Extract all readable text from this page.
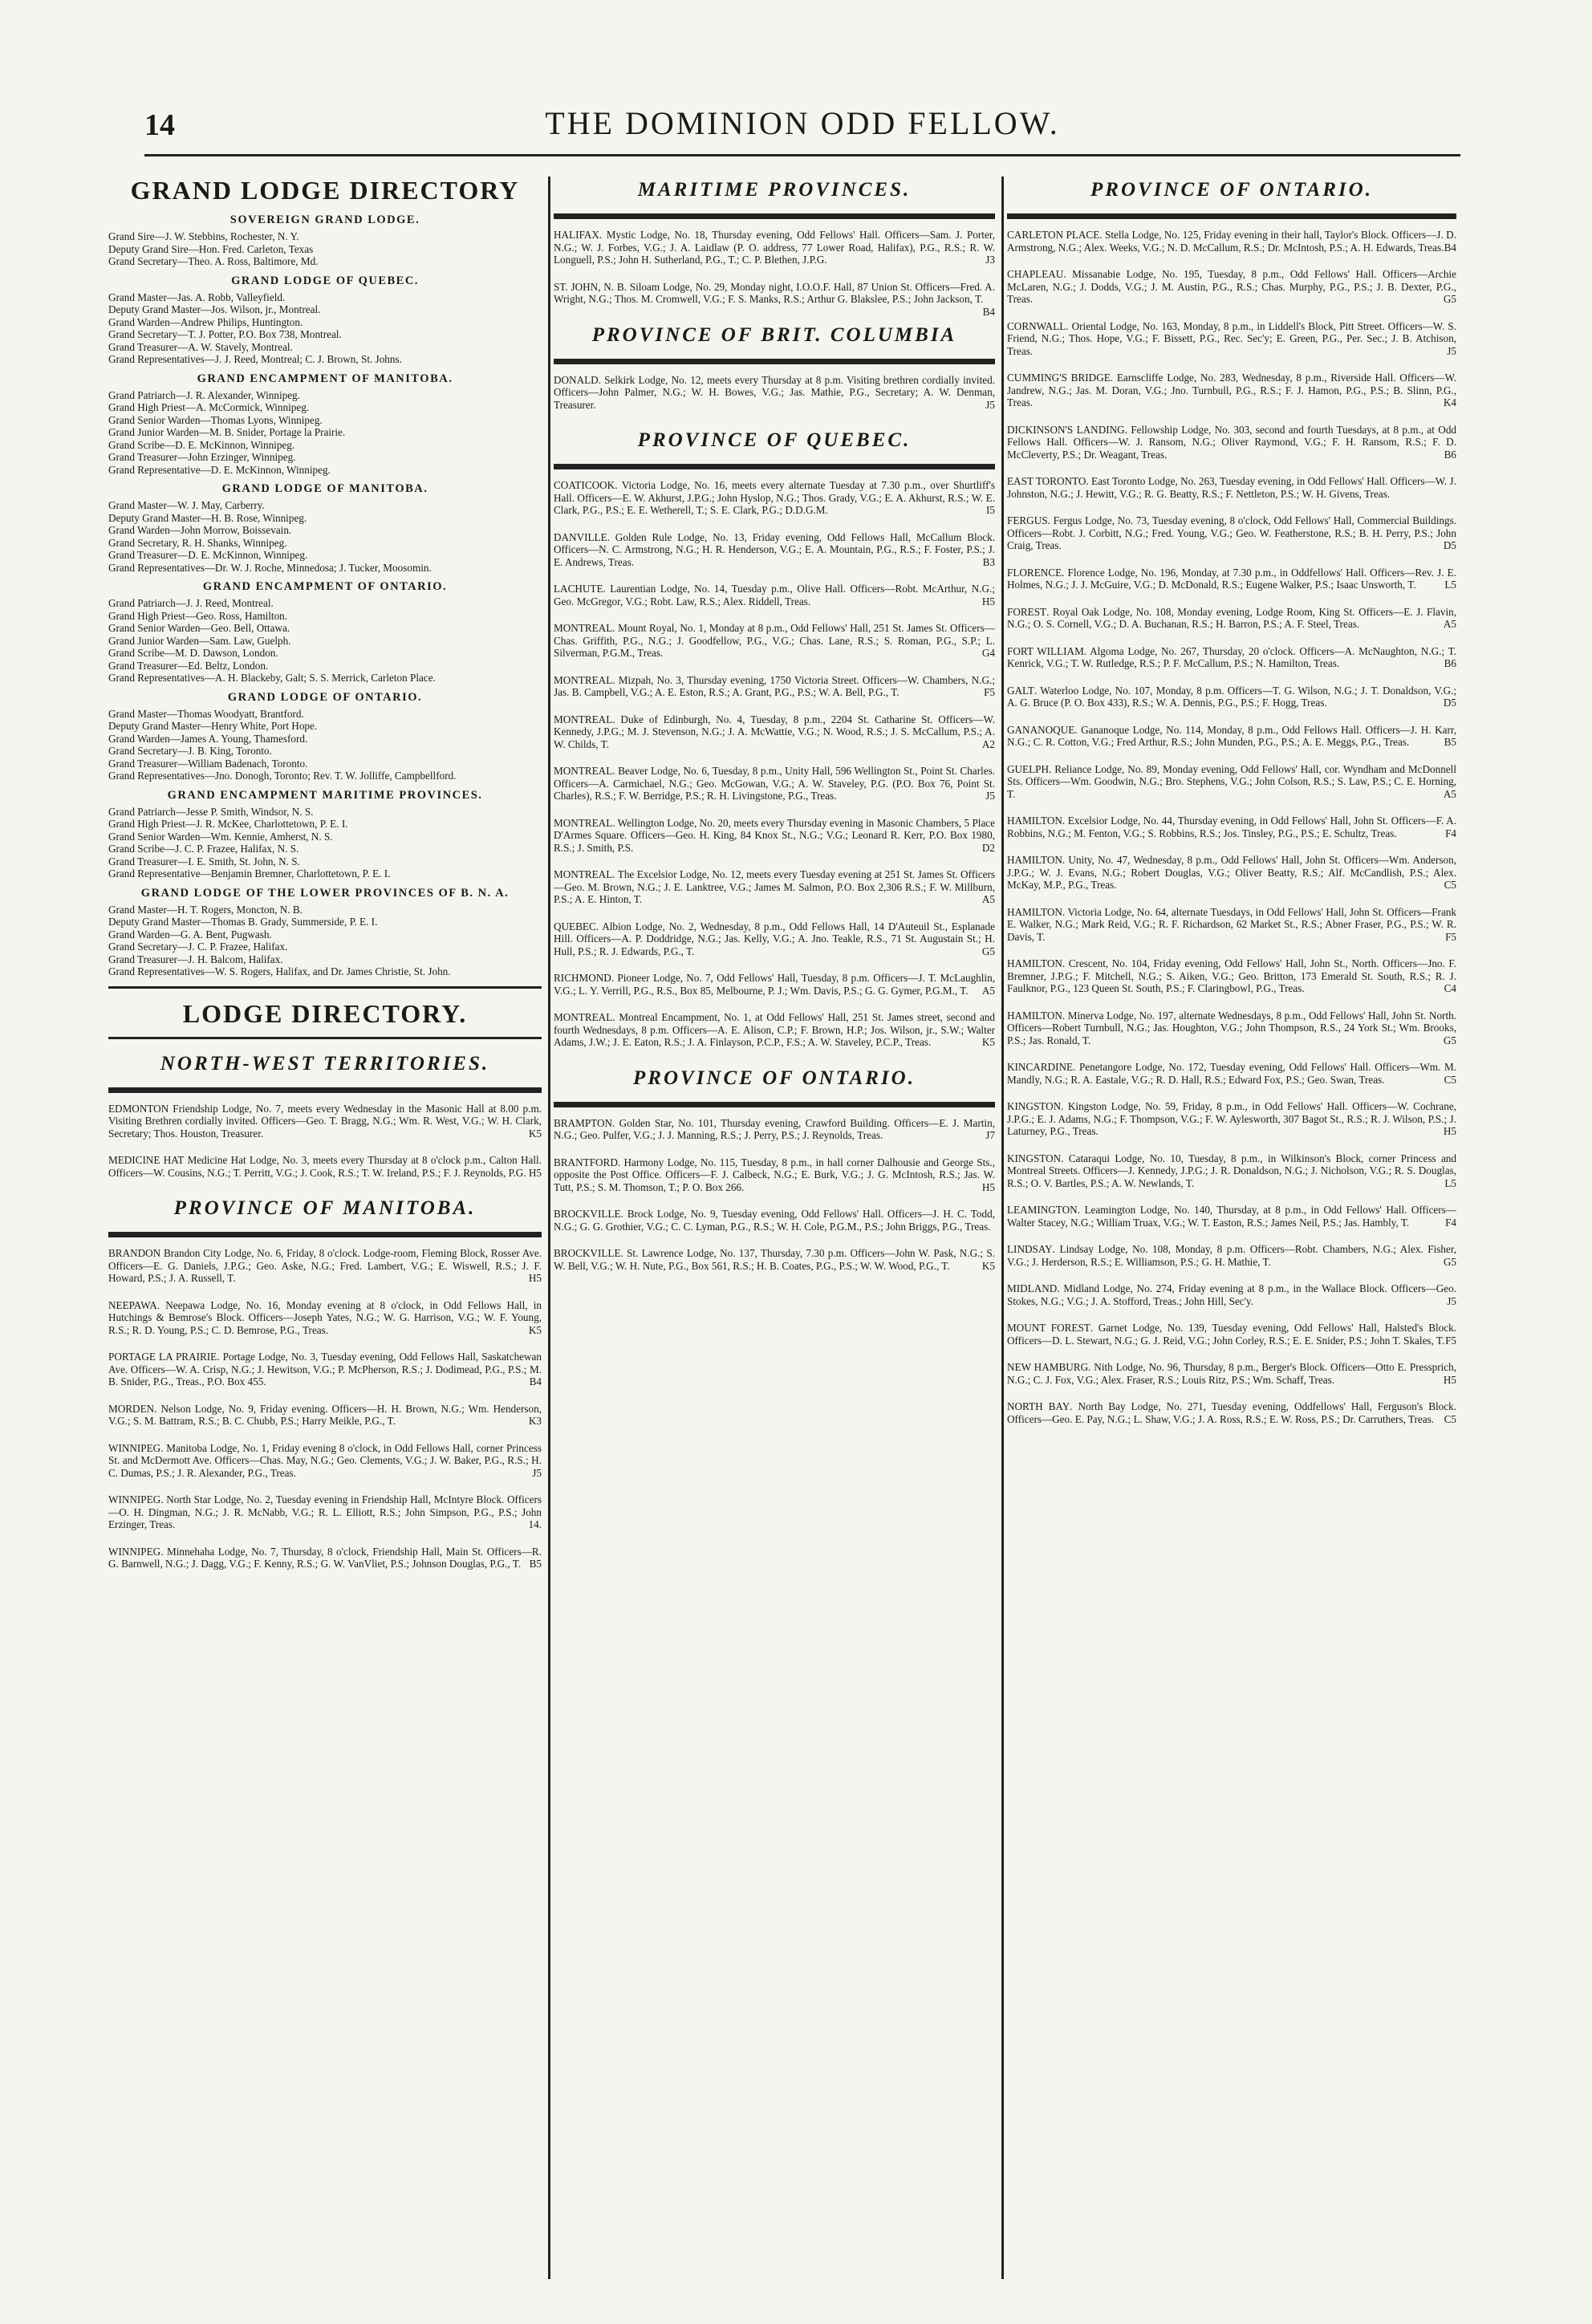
14	THE DOMINION ODD FELLOW.
GRAND LODGE DIRECTORY
SOVEREIGN GRAND LODGE.
Grand Sire—J. W. Stebbins, Rochester, N. Y.
Deputy Grand Sire—Hon. Fred. Carleton, Texas
Grand Secretary—Theo. A. Ross, Baltimore, Md.
GRAND LODGE OF QUEBEC.
Grand Master—Jas. A. Robb, Valleyfield.
Deputy Grand Master—Jos. Wilson, jr., Montreal.
Grand Warden—Andrew Philips, Huntington.
Grand Secretary—T. J. Potter, P.O. Box 738, Montreal.
Grand Treasurer—A. W. Stavely, Montreal.
Grand Representatives—J. J. Reed, Montreal; C. J. Brown, St. Johns.
GRAND ENCAMPMENT OF MANITOBA.
Grand Patriarch—J. R. Alexander, Winnipeg.
Grand High Priest—A. McCormick, Winnipeg.
Grand Senior Warden—Thomas Lyons, Winnipeg.
Grand Junior Warden—M. B. Snider, Portage la Prairie.
Grand Scribe—D. E. McKinnon, Winnipeg.
Grand Treasurer—John Erzinger, Winnipeg.
Grand Representative—D. E. McKinnon, Winnipeg.
GRAND LODGE OF MANITOBA.
Grand Master—W. J. May, Carberry.
Deputy Grand Master—H. B. Rose, Winnipeg.
Grand Warden—John Morrow, Boissevain.
Grand Secretary, R. H. Shanks, Winnipeg.
Grand Treasurer—D. E. McKinnon, Winnipeg.
Grand Representatives—Dr. W. J. Roche, Minnedosa; J. Tucker, Moosomin.
GRAND ENCAMPMENT OF ONTARIO.
Grand Patriarch—J. J. Reed, Montreal.
Grand High Priest—Geo. Ross, Hamilton.
Grand Senior Warden—Geo. Bell, Ottawa.
Grand Junior Warden—Sam. Law, Guelph.
Grand Scribe—M. D. Dawson, London.
Grand Treasurer—Ed. Beltz, London.
Grand Representatives—A. H. Blackeby, Galt; S. S. Merrick, Carleton Place.
GRAND LODGE OF ONTARIO.
Grand Master—Thomas Woodyatt, Brantford.
Deputy Grand Master—Henry White, Port Hope.
Grand Warden—James A. Young, Thamesford.
Grand Secretary—J. B. King, Toronto.
Grand Treasurer—William Badenach, Toronto.
Grand Representatives—Jno. Donogh, Toronto; Rev. T. W. Jolliffe, Campbellford.
GRAND ENCAMPMENT MARITIME PROVINCES.
Grand Patriarch—Jesse P. Smith, Windsor, N. S.
Grand High Priest—J. R. McKee, Charlottetown, P. E. I.
Grand Senior Warden—Wm. Kennie, Amherst, N. S.
Grand Scribe—J. C. P. Frazee, Halifax, N. S.
Grand Treasurer—I. E. Smith, St. John, N. S.
Grand Representative—Benjamin Bremner, Charlottetown, P. E. I.
GRAND LODGE OF THE LOWER PROVINCES OF B. N. A.
Grand Master—H. T. Rogers, Moncton, N. B.
Deputy Grand Master—Thomas B. Grady, Summerside, P. E. I.
Grand Warden—G. A. Bent, Pugwash.
Grand Secretary—J. C. P. Frazee, Halifax.
Grand Treasurer—J. H. Balcom, Halifax.
Grand Representatives—W. S. Rogers, Halifax, and Dr. James Christie, St. John.
LODGE DIRECTORY.
NORTH-WEST TERRITORIES.
EDMONTON Friendship Lodge, No. 7, meets every Wednesday in the Masonic Hall at 8.00 p.m. Visiting Brethren cordially invited. Officers—Geo. T. Bragg, N.G.; Wm. R. West, V.G.; W. H. Clark, Secretary; Thos. Houston, Treasurer.	K5
MEDICINE HAT Medicine Hat Lodge, No. 3, meets every Thursday at 8 o'clock p.m., Calton Hall. Officers—W. Cousins, N.G.; T. Perritt, V.G.; J. Cook, R.S.; T. W. Ireland, P.S.; F. J. Reynolds, P.G. H5
PROVINCE OF MANITOBA.
BRANDON Brandon City Lodge, No. 6, Friday, 8 o'clock. Lodge-room, Fleming Block, Rosser Ave. Officers—E. G. Daniels, J.P.G.; Geo. Aske, N.G.; Fred. Lambert, V.G.; E. Wiswell, R.S.; J. F. Howard, P.S.; J. A. Russell, T.	H5
NEEPAWA. Neepawa Lodge, No. 16, Monday evening at 8 o'clock, in Odd Fellows Hall, in Hutchings & Bemrose's Block. Officers—Joseph Yates, N.G.; W. G. Harrison, V.G.; W. F. Young, R.S.; R. D. Young, P.S.; C. D. Bemrose, P.G., Treas.	K5
PORTAGE LA PRAIRIE. Portage Lodge, No. 3, Tuesday evening, Odd Fellows Hall, Saskatchewan Ave. Officers—W. A. Crisp, N.G.; J. Hewitson, V.G.; P. McPherson, R.S.; J. Dodimead, P.G., P.S.; M. B. Snider, P.G., Treas., P.O. Box 455.	B4
MORDEN. Nelson Lodge, No. 9, Friday evening. Officers—H. H. Brown, N.G.; Wm. Henderson, V.G.; S. M. Battram, R.S.; B. C. Chubb, P.S.; Harry Meikle, P.G., T.	K3
WINNIPEG. Manitoba Lodge, No. 1, Friday evening 8 o'clock, in Odd Fellows Hall, corner Princess St. and McDermott Ave. Officers—Chas. May, N.G.; Geo. Clements, V.G.; J. W. Baker, P.G., R.S.; H. C. Dumas, P.S.; J. R. Alexander, P.G., Treas.	J5
WINNIPEG. North Star Lodge, No. 2, Tuesday evening in Friendship Hall, McIntyre Block. Officers—O. H. Dingman, N.G.; J. R. McNabb, V.G.; R. L. Elliott, R.S.; John Simpson, P.G., P.S.; John Erzinger, Treas.	14.
WINNIPEG. Minnehaha Lodge, No. 7, Thursday, 8 o'clock, Friendship Hall, Main St. Officers—R. G. Barnwell, N.G.; J. Dagg, V.G.; F. Kenny, R.S.; G. W. VanVliet, P.S.; Johnson Douglas, P.G., T. B5
MARITIME PROVINCES.
HALIFAX. Mystic Lodge, No. 18, Thursday evening, Odd Fellows' Hall. Officers—Sam. J. Porter, N.G.; W. J. Forbes, V.G.; J. A. Laidlaw (P. O. address, 77 Lower Road, Halifax), P.G., R.S.; R. W. Longuell, P.S.; John H. Sutherland, P.G., T.; C. P. Blethen, J.P.G.	J3
ST. JOHN, N. B. Siloam Lodge, No. 29, Monday night, I.O.O.F. Hall, 87 Union St. Officers—Fred. A. Wright, N.G.; Thos. M. Cromwell, V.G.; F. S. Manks, R.S.; Arthur G. Blakslee, P.S.; John Jackson, T.
B4
PROVINCE OF BRIT. COLUMBIA
DONALD. Selkirk Lodge, No. 12, meets every Thursday at 8 p.m. Visiting brethren cordially invited. Officers—John Palmer, N.G.; W. H. Bowes, V.G.; Jas. Mathie, P.G., Secretary; A. W. Denman, Treasurer.	J5
PROVINCE OF QUEBEC.
COATICOOK. Victoria Lodge, No. 16, meets every alternate Tuesday at 7.30 p.m., over Shurtliff's Hall. Officers—E. W. Akhurst, J.P.G.; John Hyslop, N.G.; Thos. Grady, V.G.; E. A. Akhurst, R.S.; W. E. Clark, P.G., P.S.; E. E. Wetherell, T.; S. E. Clark, P.G.; D.D.G.M.	I5
DANVILLE. Golden Rule Lodge, No. 13, Friday evening, Odd Fellows Hall, McCallum Block. Officers—N. C. Armstrong, N.G.; H. R. Henderson, V.G.; E. A. Mountain, P.G., R.S.; F. Foster, P.S.; J. E. Andrews, Treas.	B3
LACHUTE. Laurentian Lodge, No. 14, Tuesday p.m., Olive Hall. Officers—Robt. McArthur, N.G.; Geo. McGregor, V.G.; Robt. Law, R.S.; Alex. Riddell, Treas.	H5
MONTREAL. Mount Royal, No. 1, Monday at 8 p.m., Odd Fellows' Hall, 251 St. James St. Officers—Chas. Griffith, P.G., N.G.; J. Goodfellow, P.G., V.G.; Chas. Lane, R.S.; S. Roman, P.G., S.P.; L. Silverman, P.G.M., Treas.	G4
MONTREAL. Mizpah, No. 3, Thursday evening, 1750 Victoria Street. Officers—W. Chambers, N.G.; Jas. B. Campbell, V.G.; A. E. Eston, R.S.; A. Grant, P.G., P.S.; W. A. Bell, P.G., T.	F5
MONTREAL. Duke of Edinburgh, No. 4, Tuesday, 8 p.m., 2204 St. Catharine St. Officers—W. Kennedy, J.P.G.; M. J. Stevenson, N.G.; J. A. McWattie, V.G.; N. Wood, R.S.; J. S. McCallum, P.S.; A. W. Childs, T.	A2
MONTREAL. Beaver Lodge, No. 6, Tuesday, 8 p.m., Unity Hall, 596 Wellington St., Point St. Charles. Officers—A. Carmichael, N.G.; Geo. McGowan, V.G.; A. W. Staveley, P.G. (P.O. Box 76, Point St. Charles), R.S.; F. W. Berridge, P.S.; R. H. Livingstone, P.G., Treas.	J5
MONTREAL. Wellington Lodge, No. 20, meets every Thursday evening in Masonic Chambers, 5 Place D'Armes Square. Officers—Geo. H. King, 84 Knox St., N.G.; V.G.; Leonard R. Kerr, P.O. Box 1980, R.S.; J. Smith, P.S.	D2
MONTREAL. The Excelsior Lodge, No. 12, meets every Tuesday evening at 251 St. James St. Officers—Geo. M. Brown, N.G.; J. E. Lanktree, V.G.; James M. Salmon, P.O. Box 2,306 R.S.; F. W. Millburn, P.S.; A. E. Hinton, T.	A5
QUEBEC. Albion Lodge, No. 2, Wednesday, 8 p.m., Odd Fellows Hall, 14 D'Auteuil St., Esplanade Hill. Officers—A. P. Doddridge, N.G.; Jas. Kelly, V.G.; A. Jno. Teakle, R.S., 71 St. Augustain St.; H. Hull, P.S.; R. J. Edwards, P.G., T.	G5
RICHMOND. Pioneer Lodge, No. 7, Odd Fellows' Hall, Tuesday, 8 p.m. Officers—J. T. McLaughlin, V.G.; L. Y. Verrill, P.G., R.S., Box 85, Melbourne, P. J.; Wm. Davis, P.S.; G. G. Gymer, P.G.M., T. A5
MONTREAL. Montreal Encampment, No. 1, at Odd Fellows' Hall, 251 St. James street, second and fourth Wednesdays, 8 p.m. Officers—A. E. Alison, C.P.; F. Brown, H.P.; Jos. Wilson, jr., S.W.; Walter Adams, J.W.; J. E. Eaton, R.S.; J. A. Finlayson, P.C.P., F.S.; A. W. Staveley, P.C.P., Treas.	K5
PROVINCE OF ONTARIO.
BRAMPTON. Golden Star, No. 101, Thursday evening, Crawford Building. Officers—E. J. Martin, N.G.; Geo. Pulfer, V.G.; J. J. Manning, R.S.; J. Perry, P.S.; J. Reynolds, Treas.	J7
BRANTFORD. Harmony Lodge, No. 115, Tuesday, 8 p.m., in hall corner Dalhousie and George Sts., opposite the Post Office. Officers—F. J. Calbeck, N.G.; E. Burk, V.G.; J. G. McIntosh, R.S.; Jas. W. Tutt, P.S.; S. M. Thomson, T.; P. O. Box 266.	H5
BROCKVILLE. Brock Lodge, No. 9, Tuesday evening, Odd Fellows' Hall. Officers—J. H. C. Todd, N.G.; G. G. Grothier, V.G.; C. C. Lyman, P.G., R.S.; W. H. Cole, P.G.M., P.S.; John Briggs, P.G., Treas.
BROCKVILLE. St. Lawrence Lodge, No. 137, Thursday, 7.30 p.m. Officers—John W. Pask, N.G.; S. W. Bell, V.G.; W. H. Nute, P.G., Box 561, R.S.; H. B. Coates, P.G., P.S.; W. W. Wood, P.G., T.	K5
PROVINCE OF ONTARIO.
CARLETON PLACE. Stella Lodge, No. 125, Friday evening in their hall, Taylor's Block. Officers—J. D. Armstrong, N.G.; Alex. Weeks, V.G.; N. D. McCallum, R.S.; Dr. McIntosh, P.S.; A. H. Edwards, Treas. B4
CHAPLEAU. Missanabie Lodge, No. 195, Tuesday, 8 p.m., Odd Fellows' Hall. Officers—Archie McLaren, N.G.; J. Dodds, V.G.; J. M. Austin, P.G., R.S.; Chas. Murphy, P.G., P.S.; J. B. Dexter, P.G., Treas.	G5
CORNWALL. Oriental Lodge, No. 163, Monday, 8 p.m., in Liddell's Block, Pitt Street. Officers—W. S. Friend, N.G.; Thos. Hope, V.G.; F. Bissett, P.G., Rec. Sec'y; E. Green, P.G., Per. Sec.; J. B. Atchison, Treas.	J5
CUMMING'S BRIDGE. Earnscliffe Lodge, No. 283, Wednesday, 8 p.m., Riverside Hall. Officers—W. Jandrew, N.G.; Jas. M. Doran, V.G.; Jno. Turnbull, P.G., R.S.; F. J. Hamon, P.G., P.S.; B. Slinn, P.G., Treas.	K4
DICKINSON'S LANDING. Fellowship Lodge, No. 303, second and fourth Tuesdays, at 8 p.m., at Odd Fellows Hall. Officers—W. J. Ransom, N.G.; Oliver Raymond, V.G.; F. H. Ransom, R.S.; F. D. McCleverty, P.S.; Dr. Weagant, Treas.	B6
EAST TORONTO. East Toronto Lodge, No. 263, Tuesday evening, in Odd Fellows' Hall. Officers—W. J. Johnston, N.G.; J. Hewitt, V.G.; R. G. Beatty, R.S.; F. Nettleton, P.S.; W. H. Givens, Treas.
FERGUS. Fergus Lodge, No. 73, Tuesday evening, 8 o'clock, Odd Fellows' Hall, Commercial Buildings. Officers—Robt. J. Corbitt, N.G.; Fred. Young, V.G.; Geo. W. Featherstone, R.S.; B. H. Perry, P.S.; John Craig, Treas.	D5
FLORENCE. Florence Lodge, No. 196, Monday, at 7.30 p.m., in Oddfellows' Hall. Officers—Rev. J. E. Holmes, N.G.; J. J. McGuire, V.G.; D. McDonald, R.S.; Eugene Walker, P.S.; Isaac Unsworth, T.	L5
FOREST. Royal Oak Lodge, No. 108, Monday evening, Lodge Room, King St. Officers—E. J. Flavin, N.G.; O. S. Cornell, V.G.; D. A. Buchanan, R.S.; H. Barron, P.S.; A. F. Steel, Treas.	A5
FORT WILLIAM. Algoma Lodge, No. 267, Thursday, 20 o'clock. Officers—A. McNaughton, N.G.; T. Kenrick, V.G.; T. W. Rutledge, R.S.; P. F. McCallum, P.S.; N. Hamilton, Treas.	B6
GALT. Waterloo Lodge, No. 107, Monday, 8 p.m. Officers—T. G. Wilson, N.G.; J. T. Donaldson, V.G.; A. G. Bruce (P. O. Box 433), R.S.; W. A. Dennis, P.G., P.S.; F. Hogg, Treas.	D5
GANANOQUE. Gananoque Lodge, No. 114, Monday, 8 p.m., Odd Fellows Hall. Officers—J. H. Karr, N.G.; C. R. Cotton, V.G.; Fred Arthur, R.S.; John Munden, P.G., P.S.; A. E. Meggs, P.G., Treas.	B5
GUELPH. Reliance Lodge, No. 89, Monday evening, Odd Fellows' Hall, cor. Wyndham and McDonnell Sts. Officers—Wm. Goodwin, N.G.; Bro. Stephens, V.G.; John Colson, R.S.; S. Law, P.S.; C. E. Horning, T.	A5
HAMILTON. Excelsior Lodge, No. 44, Thursday evening, in Odd Fellows' Hall, John St. Officers—F. A. Robbins, N.G.; M. Fenton, V.G.; S. Robbins, R.S.; Jos. Tinsley, P.G., P.S.; E. Schultz, Treas.	F4
HAMILTON. Unity, No. 47, Wednesday, 8 p.m., Odd Fellows' Hall, John St. Officers—Wm. Anderson, J.P.G.; W. J. Evans, N.G.; Robert Douglas, V.G.; Oliver Beatty, R.S.; Alf. McCandlish, P.S.; Alex. McKay, M.P., P.G., Treas.	C5
HAMILTON. Victoria Lodge, No. 64, alternate Tuesdays, in Odd Fellows' Hall, John St. Officers—Frank E. Walker, N.G.; Mark Reid, V.G.; R. F. Richardson, 62 Market St., R.S.; Abner Fraser, P.G., P.S.; W. R. Davis, T.	F5
HAMILTON. Crescent, No. 104, Friday evening, Odd Fellows' Hall, John St., North. Officers—Jno. F. Bremner, J.P.G.; F. Mitchell, N.G.; S. Aiken, V.G.; Geo. Britton, 173 Emerald St. South, R.S.; R. J. Faulknor, P.G., 123 Queen St. South, P.S.; F. Claringbowl, P.G., Treas.	C4
HAMILTON. Minerva Lodge, No. 197, alternate Wednesdays, 8 p.m., Odd Fellows' Hall, John St. North. Officers—Robert Turnbull, N.G.; Jas. Houghton, V.G.; John Thompson, R.S., 24 York St.; Wm. Brooks, P.S.; Jas. Ronald, T.	G5
KINCARDINE. Penetangore Lodge, No. 172, Tuesday evening, Odd Fellows' Hall. Officers—Wm. M. Mandly, N.G.; R. A. Eastale, V.G.; R. D. Hall, R.S.; Edward Fox, P.S.; Geo. Swan, Treas.	C5
KINGSTON. Kingston Lodge, No. 59, Friday, 8 p.m., in Odd Fellows' Hall. Officers—W. Cochrane, J.P.G.; E. J. Adams, N.G.; F. Thompson, V.G.; F. W. Aylesworth, 307 Bagot St., R.S.; R. J. Wilson, P.S.; J. Laturney, P.G., Treas.	H5
KINGSTON. Cataraqui Lodge, No. 10, Tuesday, 8 p.m., in Wilkinson's Block, corner Princess and Montreal Streets. Officers—J. Kennedy, J.P.G.; J. R. Donaldson, N.G.; J. Nicholson, V.G.; R. S. Douglas, R.S.; O. V. Bartles, P.S.; A. W. Newlands, T.	L5
LEAMINGTON. Leamington Lodge, No. 140, Thursday, at 8 p.m., in Odd Fellows' Hall. Officers—Walter Stacey, N.G.; William Truax, V.G.; W. T. Easton, R.S.; James Neil, P.S.; Jas. Hambly, T.	F4
LINDSAY. Lindsay Lodge, No. 108, Monday, 8 p.m. Officers—Robt. Chambers, N.G.; Alex. Fisher, V.G.; J. Herderson, R.S.; E. Williamson, P.S.; G. H. Mathie, T.	G5
MIDLAND. Midland Lodge, No. 274, Friday evening at 8 p.m., in the Wallace Block. Officers—Geo. Stokes, N.G.; V.G.; J. A. Stofford, Treas.; John Hill, Sec'y.	J5
MOUNT FOREST. Garnet Lodge, No. 139, Tuesday evening, Odd Fellows' Hall, Halsted's Block. Officers—D. L. Stewart, N.G.; G. J. Reid, V.G.; John Corley, R.S.; E. E. Snider, P.S.; John T. Skales, T. F5
NEW HAMBURG. Nith Lodge, No. 96, Thursday, 8 p.m., Berger's Block. Officers—Otto E. Pressprich, N.G.; C. J. Fox, V.G.; Alex. Fraser, R.S.; Louis Ritz, P.S.; Wm. Schaff, Treas.	H5
NORTH BAY. North Bay Lodge, No. 271, Tuesday evening, Oddfellows' Hall, Ferguson's Block. Officers—Geo. E. Pay, N.G.; L. Shaw, V.G.; J. A. Ross, R.S.; E. W. Ross, P.S.; Dr. Carruthers, Treas. C5
